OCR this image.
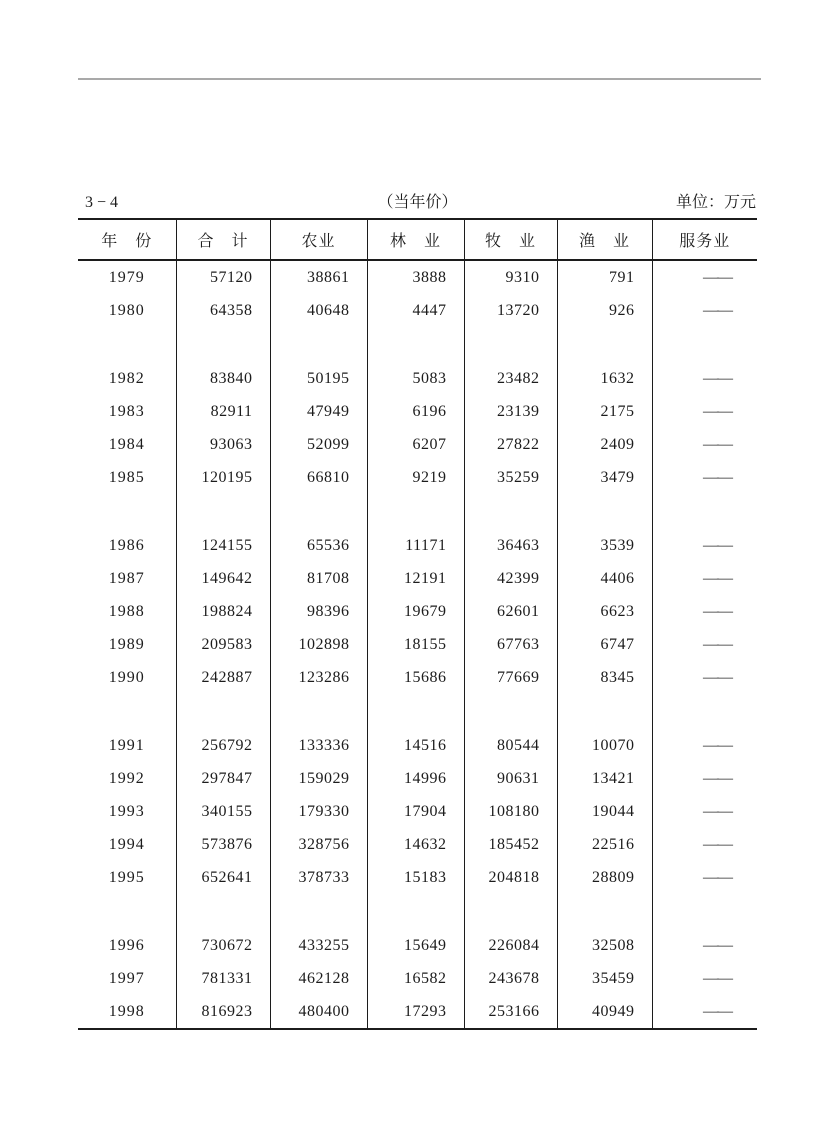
3 − 4	（当年价）	单位：万元
年　份	合　计	农业	林　业	牧　业	渔　业	服务业
1979	57120	38861	3888	9310	791	——
1980	64358	40648	4447	13720	926	——

1982	83840	50195	5083	23482	1632	——
1983	82911	47949	6196	23139	2175	——
1984	93063	52099	6207	27822	2409	——
1985	120195	66810	9219	35259	3479	——

1986	124155	65536	11171	36463	3539	——
1987	149642	81708	12191	42399	4406	——
1988	198824	98396	19679	62601	6623	——
1989	209583	102898	18155	67763	6747	——
1990	242887	123286	15686	77669	8345	——

1991	256792	133336	14516	80544	10070	——
1992	297847	159029	14996	90631	13421	——
1993	340155	179330	17904	108180	19044	——
1994	573876	328756	14632	185452	22516	——
1995	652641	378733	15183	204818	28809	——

1996	730672	433255	15649	226084	32508	——
1997	781331	462128	16582	243678	35459	——
1998	816923	480400	17293	253166	40949	——
